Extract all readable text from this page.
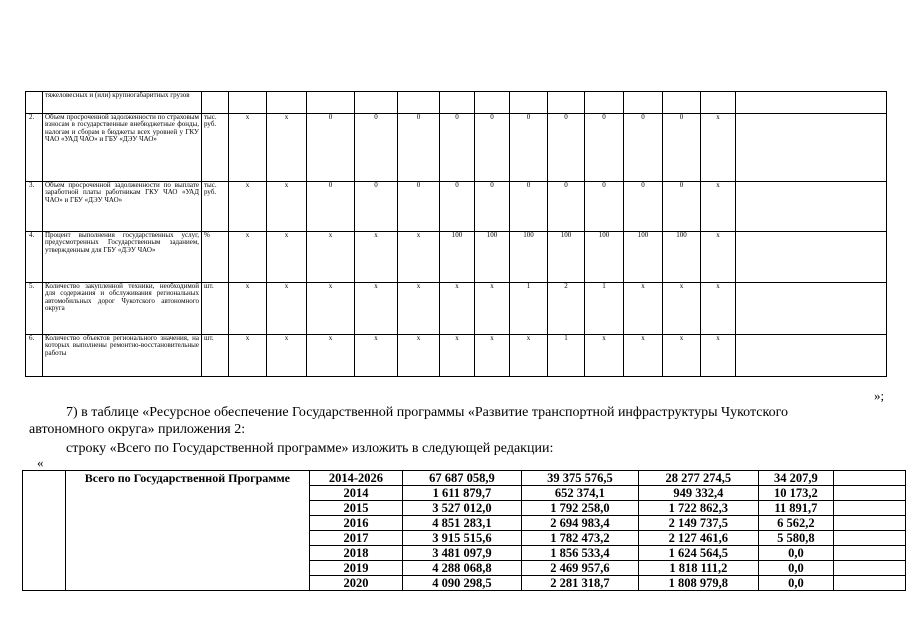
	тяжеловесных и (или) крупногабаритных грузов																
2.	Объем просроченной задолженности по страховым взносам в государственные внебюджетные фонды, налогам и сборам в бюджеты всех уровней у ГКУ ЧАО «УАД ЧАО» и ГБУ «ДЭУ ЧАО»	тыс. руб.	х	х	0	0	0	0	0	0	0	0	0	0	х		
3.	Объем просроченной задолженности по выплате заработной платы работникам ГКУ ЧАО «УАД ЧАО» и ГБУ «ДЭУ ЧАО»	тыс. руб.	х	х	0	0	0	0	0	0	0	0	0	0	х		
4.	Процент выполнения государственных услуг, предусмотренных Государственным заданием, утвержденным для ГБУ «ДЭУ ЧАО»	%	х	х	х	х	х	100	100	100	100	100	100	100	х		
5.	Количество закупленной техники, необходимой для содержания и обслуживания региональных автомобильных дорог Чукотского автономного округа	шт.	х	х	х	х	х	х	х	1	2	1	х	х	х		
6.	Количество объектов регионального значения, на которых выполнены ремонтно-восстановительные работы	шт.	х	х	х	х	х	х	х	х	1	х	х	х	х		
»;
7) в таблице «Ресурсное обеспечение Государственной программы «Развитие транспортной инфраструктуры Чукотского
автономного округа» приложения 2:
строку «Всего по Государственной программе» изложить в следующей редакции:
«
	Всего по Государственной Программе	2014-2026	67 687 058,9	39 375 576,5	28 277 274,5	34 207,9	
		2014	1 611 879,7	652 374,1	949 332,4	10 173,2	
		2015	3 527 012,0	1 792 258,0	1 722 862,3	11 891,7	
		2016	4 851 283,1	2 694 983,4	2 149 737,5	6 562,2	
		2017	3 915 515,6	1 782 473,2	2 127 461,6	5 580,8	
		2018	3 481 097,9	1 856 533,4	1 624 564,5	0,0	
		2019	4 288 068,8	2 469 957,6	1 818 111,2	0,0	
		2020	4 090 298,5	2 281 318,7	1 808 979,8	0,0	
